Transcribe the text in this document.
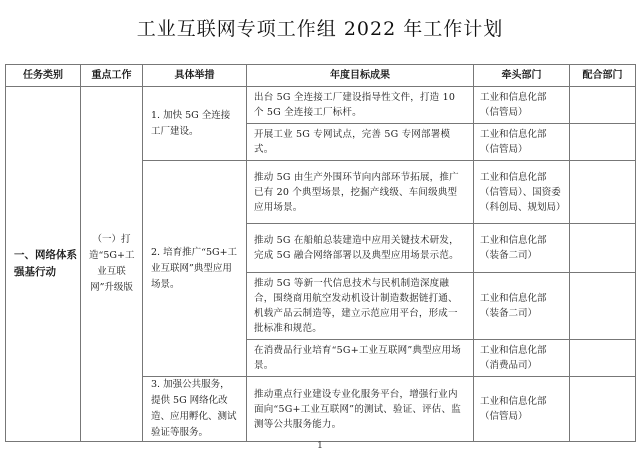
工业互联网专项工作组 2022 年工作计划
任务类别	重点工作	具体举措	年度目标成果	牵头部门	配合部门
一、网络体系强基行动	（一）打造“5G+工业互联网”升级版	1. 加快 5G 全连接工厂建设。	出台 5G 全连接工厂建设指导性文件，打造 10 个 5G 全连接工厂标杆。	工业和信息化部（信管局）	
			开展工业 5G 专网试点，完善 5G 专网部署模式。	工业和信息化部（信管局）	
		2. 培育推广“5G+工业互联网”典型应用场景。	推动 5G 由生产外围环节向内部环节拓展，推广已有 20 个典型场景，挖掘产线级、车间级典型应用场景。	工业和信息化部（信管局）、国资委（科创局、规划局）	
			推动 5G 在船舶总装建造中应用关键技术研发，完成 5G 融合网络部署以及典型应用场景示范。	工业和信息化部（装备二司）	
			推动 5G 等新一代信息技术与民机制造深度融合，围绕商用航空发动机设计制造数据链打通、机载产品云制造等，建立示范应用平台，形成一批标准和规范。	工业和信息化部（装备二司）	
			在消费品行业培育“5G+工业互联网”典型应用场景。	工业和信息化部（消费品司）	
		3. 加强公共服务，提供 5G 网络化改造、应用孵化、测试验证等服务。	推动重点行业建设专业化服务平台，增强行业内面向“5G+工业互联网”的测试、验证、评估、监测等公共服务能力。	工业和信息化部（信管局）	
1
